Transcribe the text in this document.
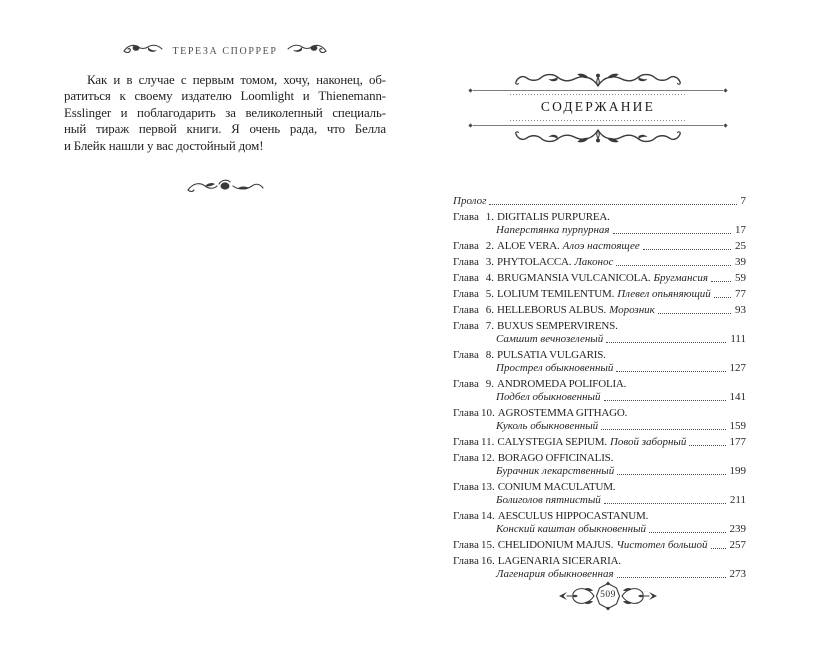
ТЕРЕЗА СПОРРЕР
Как и в случае с первым томом, хочу, наконец, об-
ратиться к своему издателю Loomlight и Thienemann-
Esslinger и поблагодарить за великолепный специаль-
ный тираж первой книги. Я очень рада, что Белла
и Блейк нашли у вас достойный дом!
СОДЕРЖАНИЕ
Пролог	7
Глава 1. DIGITALIS PURPUREA.
Наперстянка пурпурная	17
Глава 2. ALOE VERA. Алоэ настоящее	25
Глава 3. PHYTOLACCA. Лаконос	39
Глава 4. BRUGMANSIA VULCANICOLA. Бругмансия 59
Глава 5. LOLIUM TEMILENTUM. Плевел опьяняющий 77
Глава 6. HELLEBORUS ALBUS. Морозник	93
Глава 7. BUXUS SEMPERVIRENS.
Самшит вечнозеленый	111
Глава 8. PULSATIA VULGARIS.
Прострел обыкновенный	127
Глава 9. ANDROMEDA POLIFOLIA.
Подбел обыкновенный	141
Глава 10. AGROSTEMMA GITHAGO.
Куколь обыкновенный	159
Глава 11. CALYSTEGIA SEPIUM. Повой заборный	177
Глава 12. BORAGO OFFICINALIS.
Бурачник лекарственный	199
Глава 13. CONIUM MACULATUM.
Болиголов пятнистый	211
Глава 14. AESCULUS HIPPOCASTANUM.
Конский каштан обыкновенный	239
Глава 15. CHELIDONIUM MAJUS. Чистотел большой 257
Глава 16. LAGENARIA SICERARIA.
Лагенария обыкновенная	273
509
